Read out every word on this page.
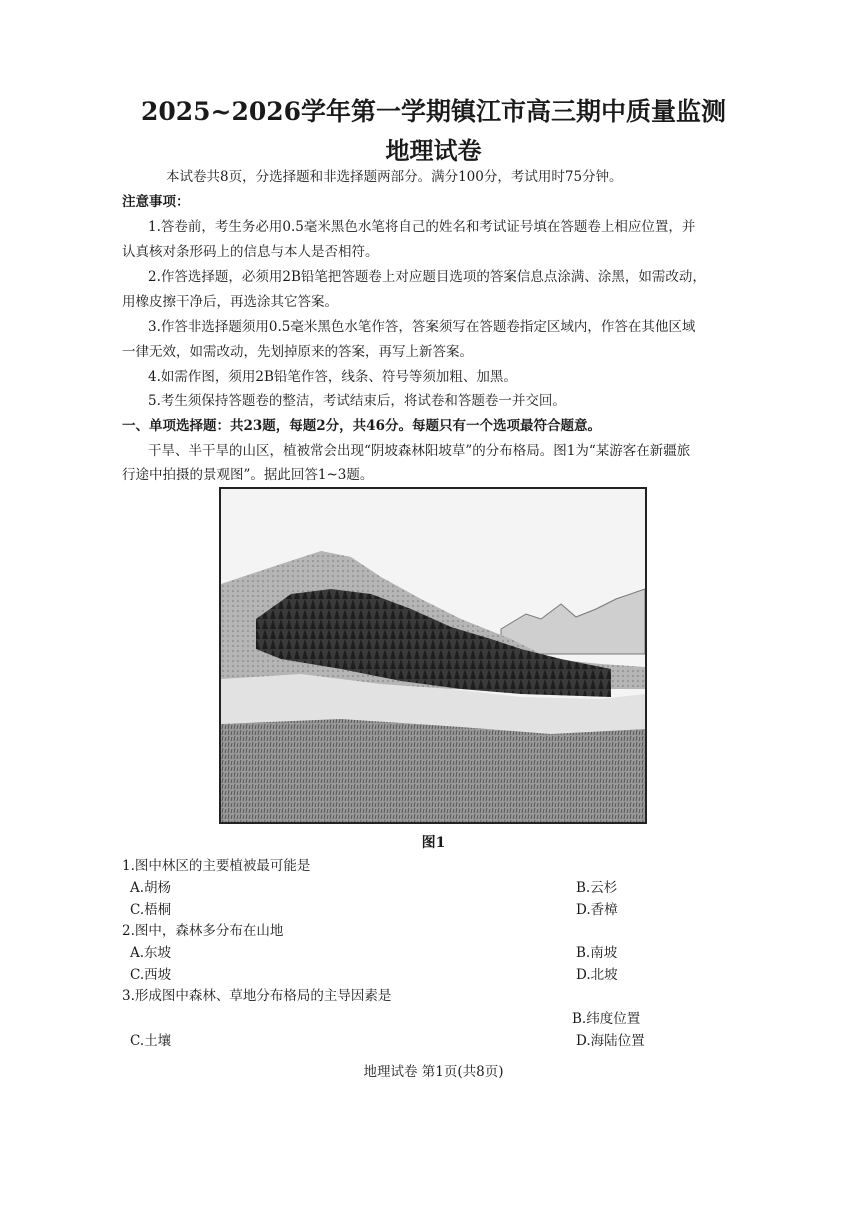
2025~2026学年第一学期镇江市高三期中质量监测
地理试卷
本试卷共8页，分选择题和非选择题两部分。满分100分，考试用时75分钟。
注意事项：
1.答卷前，考生务必用0.5毫米黑色水笔将自己的姓名和考试证号填在答题卷上相应位置，并
认真核对条形码上的信息与本人是否相符。
2.作答选择题，必须用2B铅笔把答题卷上对应题目选项的答案信息点涂满、涂黑，如需改动，
用橡皮擦干净后，再选涂其它答案。
3.作答非选择题须用0.5毫米黑色水笔作答，答案须写在答题卷指定区域内，作答在其他区域
一律无效，如需改动，先划掉原来的答案，再写上新答案。
4.如需作图，须用2B铅笔作答，线条、符号等须加粗、加黑。
5.考生须保持答题卷的整洁，考试结束后，将试卷和答题卷一并交回。
一、单项选择题：共23题，每题2分，共46分。每题只有一个选项最符合题意。
干旱、半干旱的山区，植被常会出现“阴坡森林阳坡草”的分布格局。图1为“某游客在新疆旅
行途中拍摄的景观图”。据此回答1~3题。
图1
1.图中林区的主要植被最可能是
A.胡杨	B.云杉
C.梧桐	D.香樟
2.图中，森林多分布在山地
A.东坡	B.南坡
C.西坡	D.北坡
3.形成图中森林、草地分布格局的主导因素是
B.纬度位置
C.土壤	D.海陆位置
地理试卷 第1页(共8页)
